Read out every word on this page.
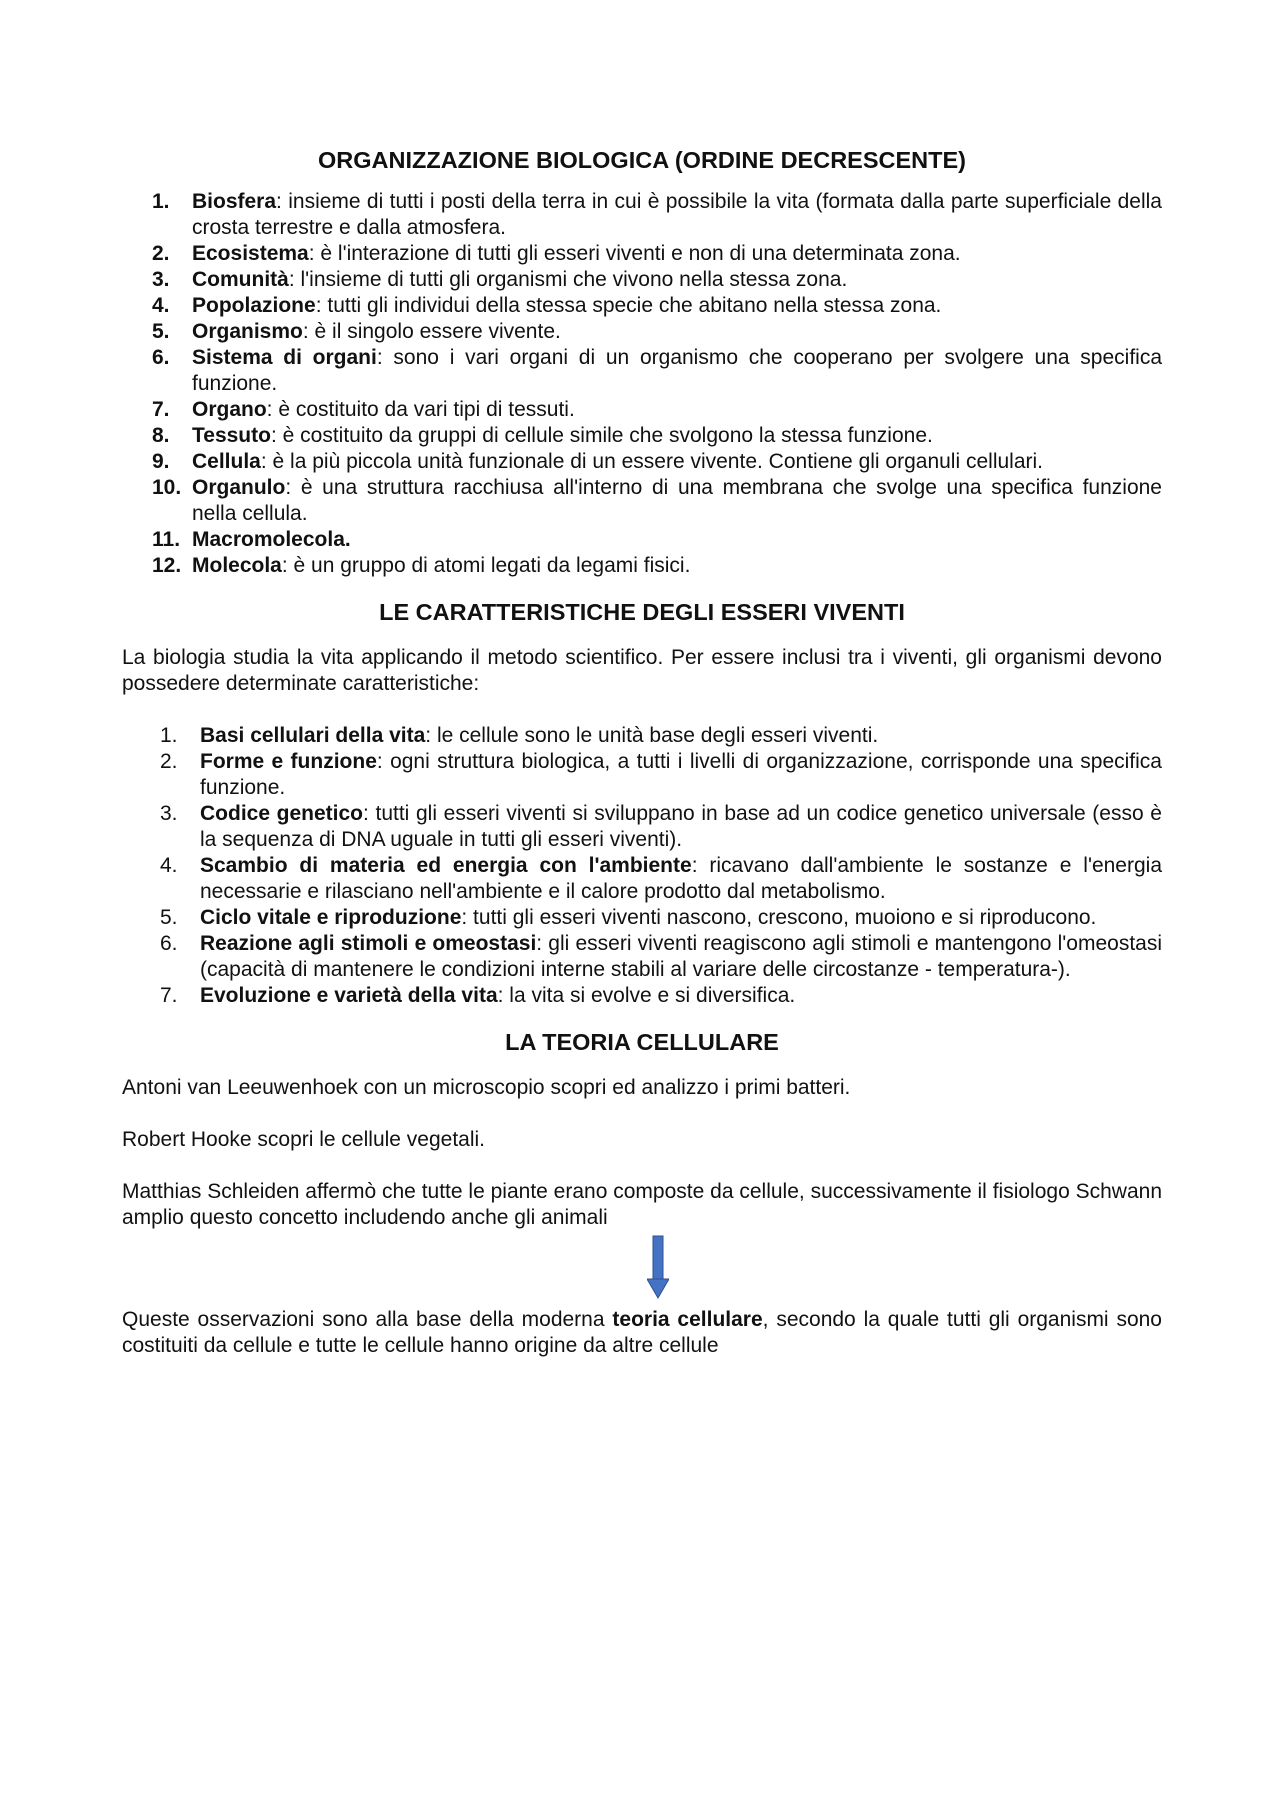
ORGANIZZAZIONE BIOLOGICA (ORDINE DECRESCENTE)
1.	Biosfera: insieme di tutti i posti della terra in cui è possibile la vita (formata dalla parte superficiale della crosta terrestre e dalla atmosfera.
2.	Ecosistema: è l'interazione di tutti gli esseri viventi e non di una determinata zona.
3.	Comunità: l'insieme di tutti gli organismi che vivono nella stessa zona.
4.	Popolazione: tutti gli individui della stessa specie che abitano nella stessa zona.
5.	Organismo: è il singolo essere vivente.
6.	Sistema di organi: sono i vari organi di un organismo che cooperano per svolgere una specifica funzione.
7.	Organo: è costituito da vari tipi di tessuti.
8.	Tessuto: è costituito da gruppi di cellule simile che svolgono la stessa funzione.
9.	Cellula: è la più piccola unità funzionale di un essere vivente. Contiene gli organuli cellulari.
10. Organulo: è una struttura racchiusa all'interno di una membrana che svolge una specifica funzione nella cellula.
11. Macromolecola.
12. Molecola: è un gruppo di atomi legati da legami fisici.
LE CARATTERISTICHE DEGLI ESSERI VIVENTI

La biologia studia la vita applicando il metodo scientifico. Per essere inclusi tra i viventi, gli organismi devono possedere determinate caratteristiche:

1.	Basi cellulari della vita: le cellule sono le unità base degli esseri viventi.
2.	Forme e funzione: ogni struttura biologica, a tutti i livelli di organizzazione, corrisponde una specifica funzione.
3.	Codice genetico: tutti gli esseri viventi si sviluppano in base ad un codice genetico universale (esso è la sequenza di DNA uguale in tutti gli esseri viventi).
4.	Scambio di materia ed energia con l'ambiente: ricavano dall'ambiente le sostanze e l'energia necessarie e rilasciano nell'ambiente e il calore prodotto dal metabolismo.
5.	Ciclo vitale e riproduzione: tutti gli esseri viventi nascono, crescono, muoiono e si riproducono.
6.	Reazione agli stimoli e omeostasi: gli esseri viventi reagiscono agli stimoli e mantengono l'omeostasi (capacità di mantenere le condizioni interne stabili al variare delle circostanze - temperatura-).
7.	Evoluzione e varietà della vita: la vita si evolve e si diversifica.
LA TEORIA CELLULARE

Antoni van Leeuwenhoek con un microscopio scopri ed analizzo i primi batteri.

Robert Hooke scopri le cellule vegetali.

Matthias Schleiden affermò che tutte le piante erano composte da cellule, successivamente il fisiologo Schwann amplio questo concetto includendo anche gli animali

Queste osservazioni sono alla base della moderna teoria cellulare, secondo la quale tutti gli organismi sono costituiti da cellule e tutte le cellule hanno origine da altre cellule
